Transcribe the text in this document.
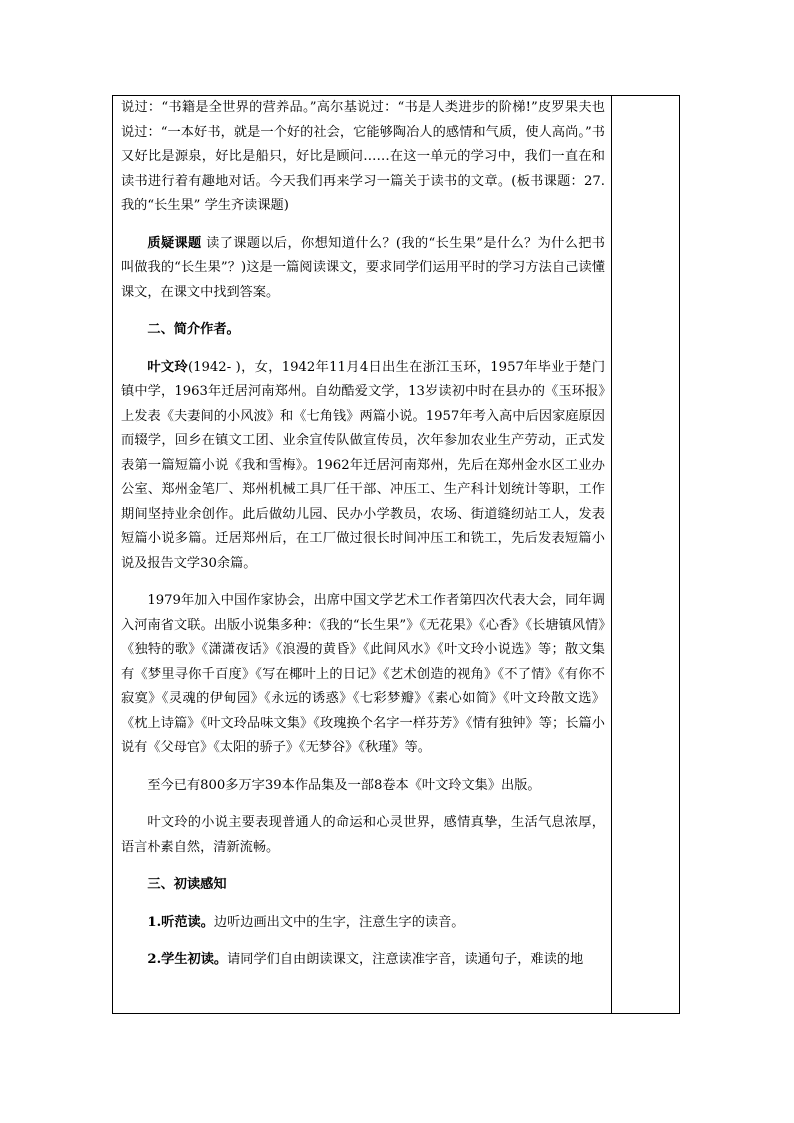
说过：“书籍是全世界的营养品。”高尔基说过：“书是人类进步的阶梯!”皮罗果夫也说过：“一本好书，就是一个好的社会，它能够陶冶人的感情和气质，使人高尚。”书又好比是源泉，好比是船只，好比是顾问……在这一单元的学习中，我们一直在和读书进行着有趣地对话。今天我们再来学习一篇关于读书的文章。(板书课题：27.我的“长生果” 学生齐读课题)

质疑课题 读了课题以后，你想知道什么？(我的“长生果”是什么？为什么把书叫做我的“长生果”？)这是一篇阅读课文，要求同学们运用平时的学习方法自己读懂课文，在课文中找到答案。

二、简介作者。

叶文玲(1942- )，女，1942年11月4日出生在浙江玉环，1957年毕业于楚门镇中学，1963年迁居河南郑州。自幼酷爱文学，13岁读初中时在县办的《玉环报》上发表《夫妻间的小风波》和《七角钱》两篇小说。1957年考入高中后因家庭原因而辍学，回乡在镇文工团、业余宣传队做宣传员，次年参加农业生产劳动，正式发表第一篇短篇小说《我和雪梅》。1962年迁居河南郑州，先后在郑州金水区工业办公室、郑州金笔厂、郑州机械工具厂任干部、冲压工、生产科计划统计等职，工作期间坚持业余创作。此后做幼儿园、民办小学教员，农场、街道缝纫站工人，发表短篇小说多篇。迁居郑州后，在工厂做过很长时间冲压工和铣工，先后发表短篇小说及报告文学30余篇。

1979年加入中国作家协会，出席中国文学艺术工作者第四次代表大会，同年调入河南省文联。出版小说集多种：《我的“长生果”》《无花果》《心香》《长塘镇风情》《独特的歌》《潇潇夜话》《浪漫的黄昏》《此间风水》《叶文玲小说选》等；散文集有《梦里寻你千百度》《写在椰叶上的日记》《艺术创造的视角》《不了情》《有你不寂寞》《灵魂的伊甸园》《永远的诱惑》《七彩梦瓣》《素心如简》《叶文玲散文选》《枕上诗篇》《叶文玲品味文集》《玫瑰换个名字一样芬芳》《情有独钟》等；长篇小说有《父母官》《太阳的骄子》《无梦谷》《秋瑾》等。

至今已有800多万字39本作品集及一部8卷本《叶文玲文集》出版。

叶文玲的小说主要表现普通人的命运和心灵世界，感情真挚，生活气息浓厚，语言朴素自然，清新流畅。

三、初读感知

1.听范读。边听边画出文中的生字，注意生字的读音。

2.学生初读。请同学们自由朗读课文，注意读准字音，读通句子，难读的地
